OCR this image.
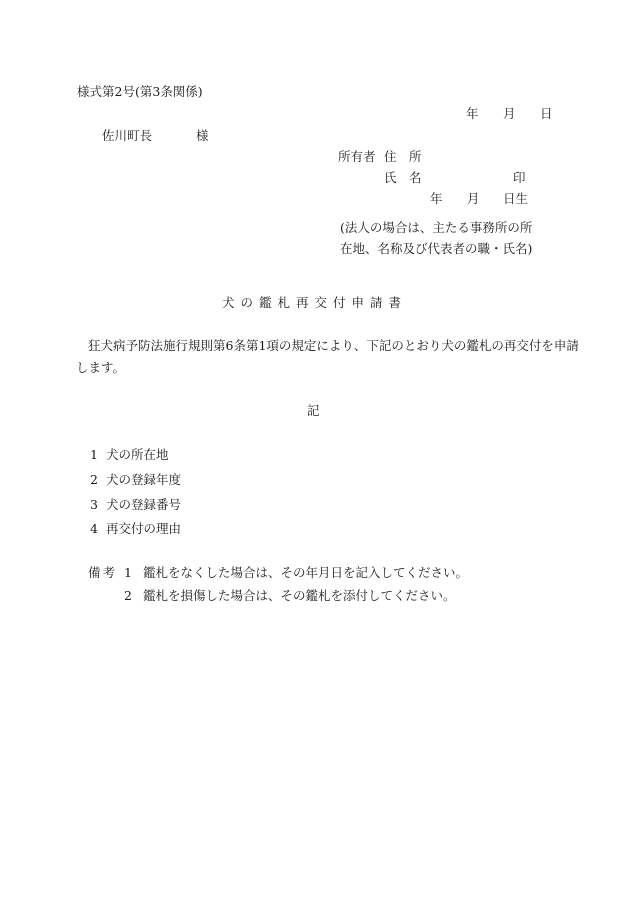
様式第2号(第3条関係)
年 月 日
佐川町長	様
所有者 住　所
氏　名	印
年 月 日生
(法人の場合は、主たる事務所の所
在地、名称及び代表者の職・氏名)
犬の鑑札再交付申請書
狂犬病予防法施行規則第6条第1項の規定により、下記のとおり犬の鑑札の再交付を申請
します。
記
1 犬の所在地
2 犬の登録年度
3 犬の登録番号
4 再交付の理由
備考 1 鑑札をなくした場合は、その年月日を記入してください。
2 鑑札を損傷した場合は、その鑑札を添付してください。
